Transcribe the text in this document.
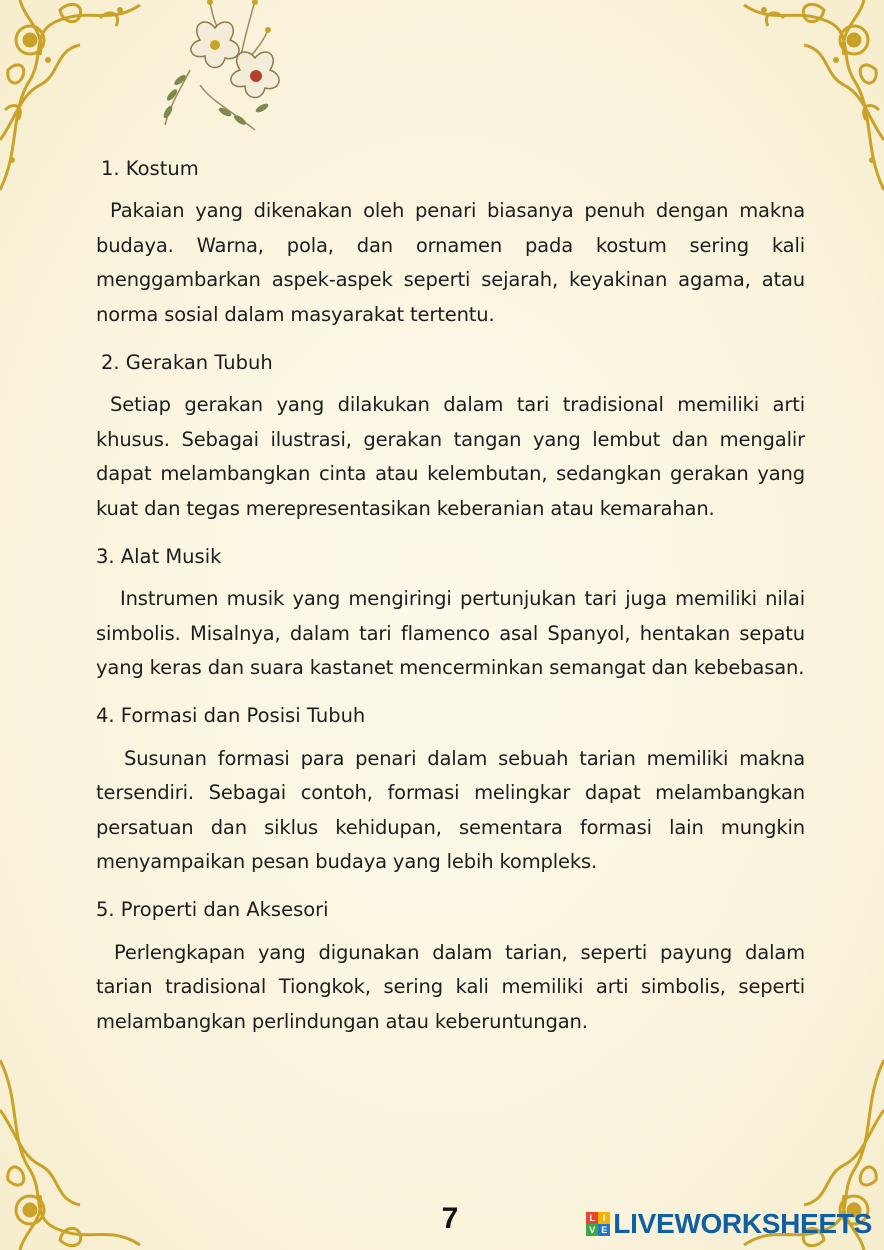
1. Kostum

Pakaian yang dikenakan oleh penari biasanya penuh dengan makna budaya. Warna, pola, dan ornamen pada kostum sering kali menggambarkan aspek-aspek seperti sejarah, keyakinan agama, atau norma sosial dalam masyarakat tertentu.

2. Gerakan Tubuh

Setiap gerakan yang dilakukan dalam tari tradisional memiliki arti khusus. Sebagai ilustrasi, gerakan tangan yang lembut dan mengalir dapat melambangkan cinta atau kelembutan, sedangkan gerakan yang kuat dan tegas merepresentasikan keberanian atau kemarahan.

3. Alat Musik

Instrumen musik yang mengiringi pertunjukan tari juga memiliki nilai simbolis. Misalnya, dalam tari flamenco asal Spanyol, hentakan sepatu yang keras dan suara kastanet mencerminkan semangat dan kebebasan.

4. Formasi dan Posisi Tubuh

Susunan formasi para penari dalam sebuah tarian memiliki makna tersendiri. Sebagai contoh, formasi melingkar dapat melambangkan persatuan dan siklus kehidupan, sementara formasi lain mungkin menyampaikan pesan budaya yang lebih kompleks.

5. Properti dan Aksesori

Perlengkapan yang digunakan dalam tarian, seperti payung dalam tarian tradisional Tiongkok, sering kali memiliki arti simbolis, seperti melambangkan perlindungan atau keberuntungan.

7	L I
V E LIVEWORKSHEETS
